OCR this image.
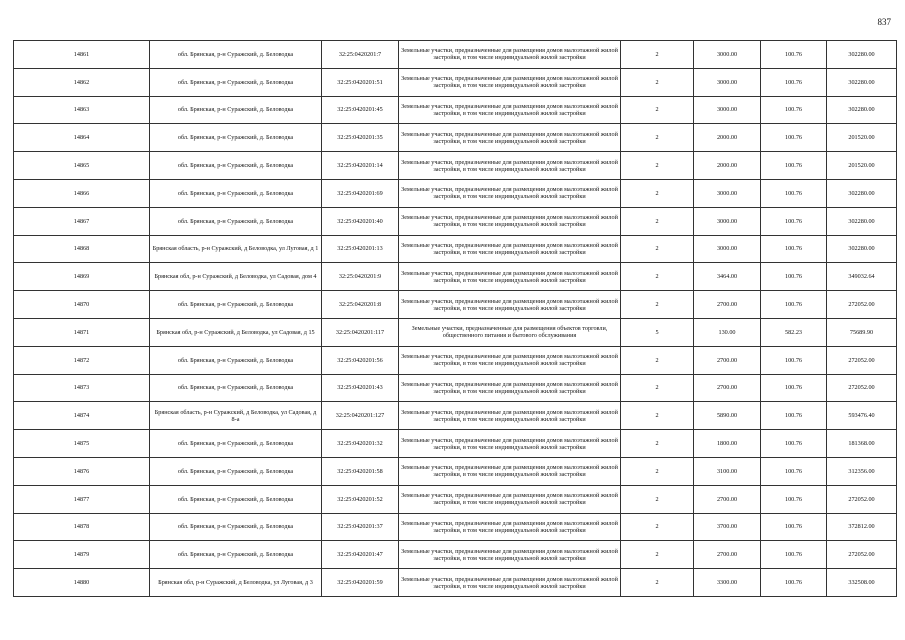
837
14861	обл. Брянская, р-н Суражский, д. Беловодка	32:25:0420201:7	Земельные участки, предназначенные для размещения домов малоэтажной жилой застройки, в том числе индивидуальной жилой застройки	2	3000.00	100.76	302280.00
14862	обл. Брянская, р-н Суражский, д. Беловодка	32:25:0420201:51	Земельные участки, предназначенные для размещения домов малоэтажной жилой застройки, в том числе индивидуальной жилой застройки	2	3000.00	100.76	302280.00
14863	обл. Брянская, р-н Суражский, д. Беловодка	32:25:0420201:45	Земельные участки, предназначенные для размещения домов малоэтажной жилой застройки, в том числе индивидуальной жилой застройки	2	3000.00	100.76	302280.00
14864	обл. Брянская, р-н Суражский, д. Беловодка	32:25:0420201:35	Земельные участки, предназначенные для размещения домов малоэтажной жилой застройки, в том числе индивидуальной жилой застройки	2	2000.00	100.76	201520.00
14865	обл. Брянская, р-н Суражский, д. Беловодка	32:25:0420201:14	Земельные участки, предназначенные для размещения домов малоэтажной жилой застройки, в том числе индивидуальной жилой застройки	2	2000.00	100.76	201520.00
14866	обл. Брянская, р-н Суражский, д. Беловодка	32:25:0420201:69	Земельные участки, предназначенные для размещения домов малоэтажной жилой застройки, в том числе индивидуальной жилой застройки	2	3000.00	100.76	302280.00
14867	обл. Брянская, р-н Суражский, д. Беловодка	32:25:0420201:40	Земельные участки, предназначенные для размещения домов малоэтажной жилой застройки, в том числе индивидуальной жилой застройки	2	3000.00	100.76	302280.00
14868	Брянская область, р-н Суражский, д Беловодка, ул Луговая, д 1	32:25:0420201:13	Земельные участки, предназначенные для размещения домов малоэтажной жилой застройки, в том числе индивидуальной жилой застройки	2	3000.00	100.76	302280.00
14869	Брянская обл, р-н Суражский, д Беловодка, ул Садовая, дом 4	32:25:0420201:9	Земельные участки, предназначенные для размещения домов малоэтажной жилой застройки, в том числе индивидуальной жилой застройки	2	3464.00	100.76	349032.64
14870	обл. Брянская, р-н Суражский, д. Беловодка	32:25:0420201:8	Земельные участки, предназначенные для размещения домов малоэтажной жилой застройки, в том числе индивидуальной жилой застройки	2	2700.00	100.76	272052.00
14871	Брянская обл, р-н Суражский, д Беловодка, ул Садовая, д 15	32:25:0420201:117	Земельные участки, предназначенные для размещения объектов торговли, общественного питания и бытового обслуживания	5	130.00	582.23	75689.90
14872	обл. Брянская, р-н Суражский, д. Беловодка	32:25:0420201:56	Земельные участки, предназначенные для размещения домов малоэтажной жилой застройки, в том числе индивидуальной жилой застройки	2	2700.00	100.76	272052.00
14873	обл. Брянская, р-н Суражский, д. Беловодка	32:25:0420201:43	Земельные участки, предназначенные для размещения домов малоэтажной жилой застройки, в том числе индивидуальной жилой застройки	2	2700.00	100.76	272052.00
14874	Брянская область, р-н Суражский, д Беловодка, ул Садовая, д 8-а	32:25:0420201:127	Земельные участки, предназначенные для размещения домов малоэтажной жилой застройки, в том числе индивидуальной жилой застройки	2	5890.00	100.76	593476.40
14875	обл. Брянская, р-н Суражский, д. Беловодка	32:25:0420201:32	Земельные участки, предназначенные для размещения домов малоэтажной жилой застройки, в том числе индивидуальной жилой застройки	2	1800.00	100.76	181368.00
14876	обл. Брянская, р-н Суражский, д. Беловодка	32:25:0420201:58	Земельные участки, предназначенные для размещения домов малоэтажной жилой застройки, в том числе индивидуальной жилой застройки	2	3100.00	100.76	312356.00
14877	обл. Брянская, р-н Суражский, д. Беловодка	32:25:0420201:52	Земельные участки, предназначенные для размещения домов малоэтажной жилой застройки, в том числе индивидуальной жилой застройки	2	2700.00	100.76	272052.00
14878	обл. Брянская, р-н Суражский, д. Беловодка	32:25:0420201:37	Земельные участки, предназначенные для размещения домов малоэтажной жилой застройки, в том числе индивидуальной жилой застройки	2	3700.00	100.76	372812.00
14879	обл. Брянская, р-н Суражский, д. Беловодка	32:25:0420201:47	Земельные участки, предназначенные для размещения домов малоэтажной жилой застройки, в том числе индивидуальной жилой застройки	2	2700.00	100.76	272052.00
14880	Брянская обл, р-н Суражский, д Беловодка, ул Луговая, д 3	32:25:0420201:59	Земельные участки, предназначенные для размещения домов малоэтажной жилой застройки, в том числе индивидуальной жилой застройки	2	3300.00	100.76	332508.00
